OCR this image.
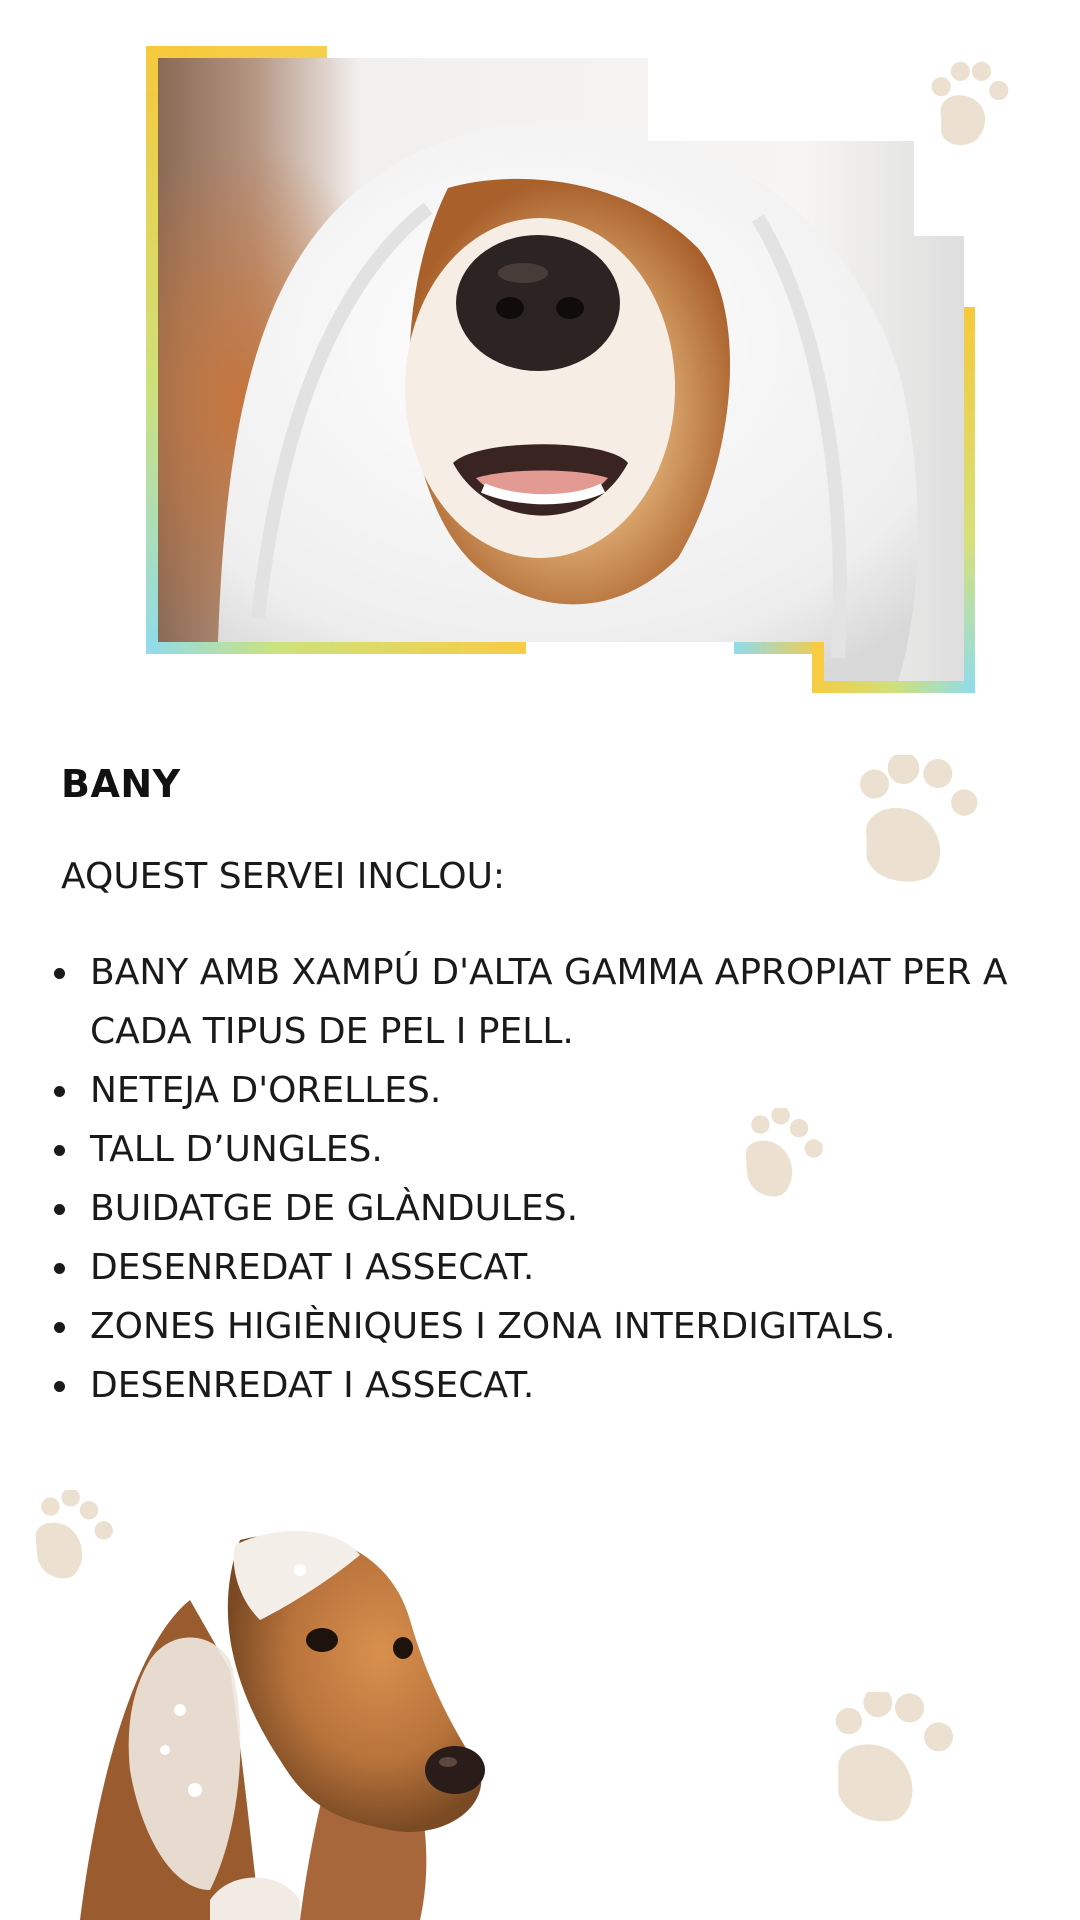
BANY
AQUEST SERVEI INCLOU:
BANY AMB XAMPÚ D'ALTA GAMMA APROPIAT PER A CADA TIPUS DE PEL I PELL.
NETEJA D'ORELLES.
TALL D’UNGLES.
BUIDATGE DE GLÀNDULES.
DESENREDAT I ASSECAT.
ZONES HIGIÈNIQUES I ZONA INTERDIGITALS.
DESENREDAT I ASSECAT.
